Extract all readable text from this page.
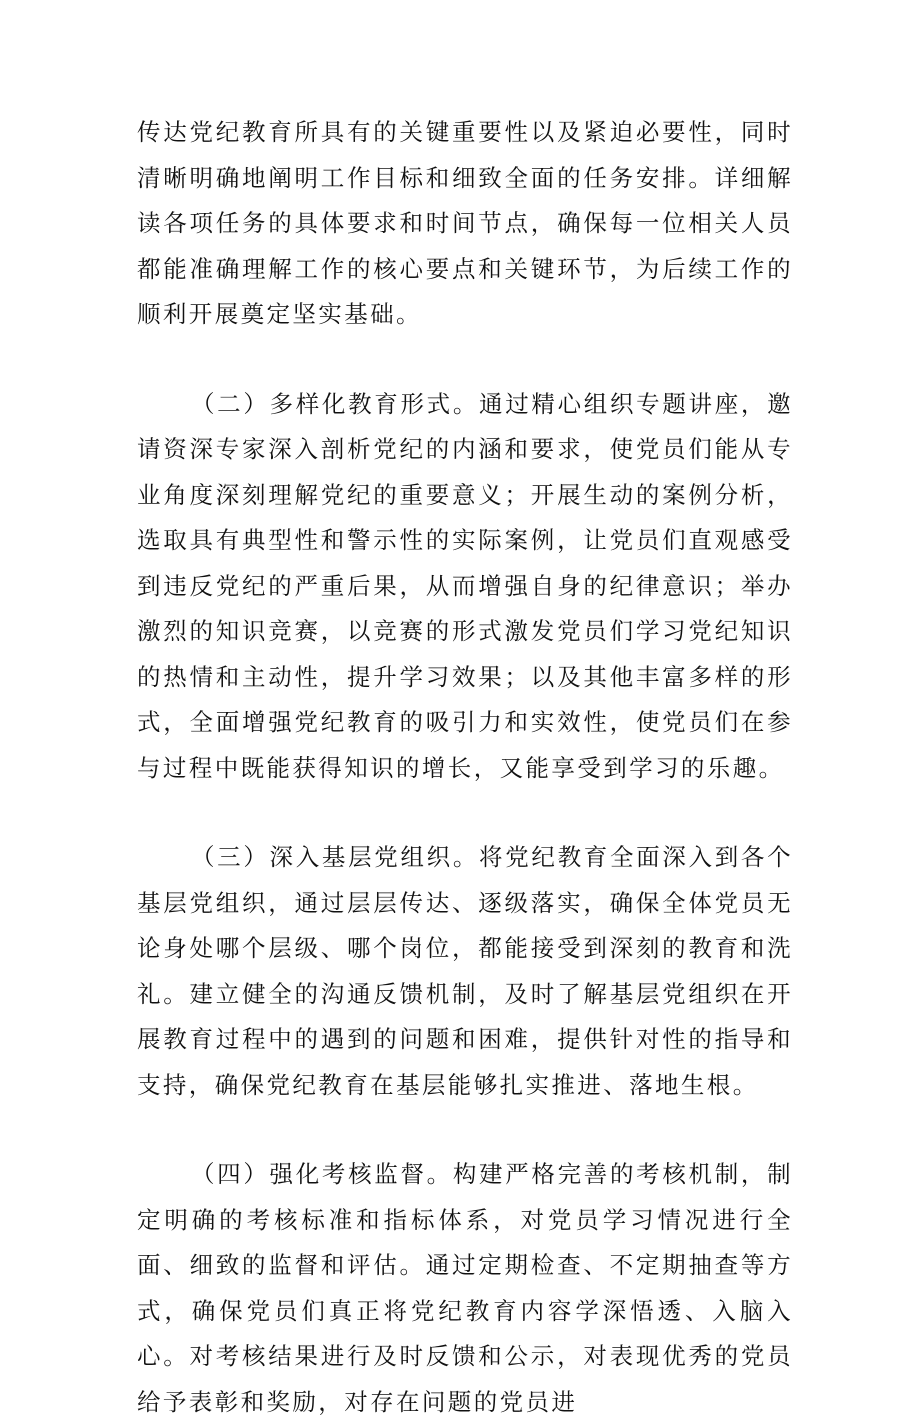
传达党纪教育所具有的关键重要性以及紧迫必要性，同时清晰明确地阐明工作目标和细致全面的任务安排。详细解读各项任务的具体要求和时间节点，确保每一位相关人员都能准确理解工作的核心要点和关键环节，为后续工作的顺利开展奠定坚实基础。

（二）多样化教育形式。通过精心组织专题讲座，邀请资深专家深入剖析党纪的内涵和要求，使党员们能从专业角度深刻理解党纪的重要意义；开展生动的案例分析，选取具有典型性和警示性的实际案例，让党员们直观感受到违反党纪的严重后果，从而增强自身的纪律意识；举办激烈的知识竞赛，以竞赛的形式激发党员们学习党纪知识的热情和主动性，提升学习效果；以及其他丰富多样的形式，全面增强党纪教育的吸引力和实效性，使党员们在参与过程中既能获得知识的增长，又能享受到学习的乐趣。

（三）深入基层党组织。将党纪教育全面深入到各个基层党组织，通过层层传达、逐级落实，确保全体党员无论身处哪个层级、哪个岗位，都能接受到深刻的教育和洗礼。建立健全的沟通反馈机制，及时了解基层党组织在开展教育过程中的遇到的问题和困难，提供针对性的指导和支持，确保党纪教育在基层能够扎实推进、落地生根。

（四）强化考核监督。构建严格完善的考核机制，制定明确的考核标准和指标体系，对党员学习情况进行全面、细致的监督和评估。通过定期检查、不定期抽查等方式，确保党员们真正将党纪教育内容学深悟透、入脑入心。对考核结果进行及时反馈和公示，对表现优秀的党员给予表彰和奖励，对存在问题的党员进
